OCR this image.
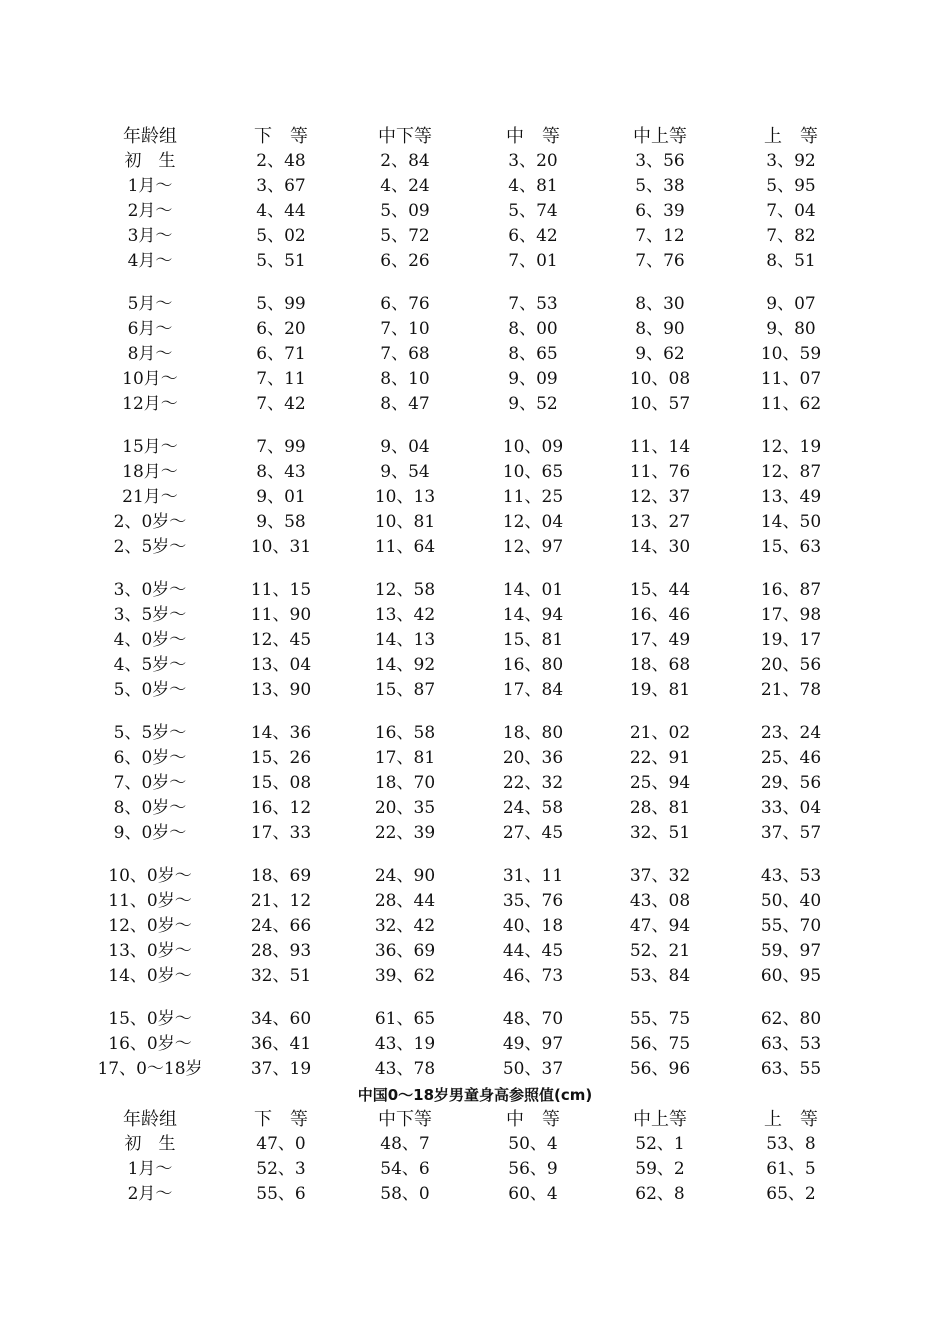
年龄组	下　等	中下等	中　等	中上等	上　等
初　生	2、48	2、84	3、20	3、56	3、92
1月～	3、67	4、24	4、81	5、38	5、95
2月～	4、44	5、09	5、74	6、39	7、04
3月～	5、02	5、72	6、42	7、12	7、82
4月～	5、51	6、26	7、01	7、76	8、51
5月～	5、99	6、76	7、53	8、30	9、07
6月～	6、20	7、10	8、00	8、90	9、80
8月～	6、71	7、68	8、65	9、62	10、59
10月～	7、11	8、10	9、09	10、08	11、07
12月～	7、42	8、47	9、52	10、57	11、62
15月～	7、99	9、04	10、09	11、14	12、19
18月～	8、43	9、54	10、65	11、76	12、87
21月～	9、01	10、13	11、25	12、37	13、49
2、0岁～	9、58	10、81	12、04	13、27	14、50
2、5岁～	10、31	11、64	12、97	14、30	15、63
3、0岁～	11、15	12、58	14、01	15、44	16、87
3、5岁～	11、90	13、42	14、94	16、46	17、98
4、0岁～	12、45	14、13	15、81	17、49	19、17
4、5岁～	13、04	14、92	16、80	18、68	20、56
5、0岁～	13、90	15、87	17、84	19、81	21、78
5、5岁～	14、36	16、58	18、80	21、02	23、24
6、0岁～	15、26	17、81	20、36	22、91	25、46
7、0岁～	15、08	18、70	22、32	25、94	29、56
8、0岁～	16、12	20、35	24、58	28、81	33、04
9、0岁～	17、33	22、39	27、45	32、51	37、57
10、0岁～	18、69	24、90	31、11	37、32	43、53
11、0岁～	21、12	28、44	35、76	43、08	50、40
12、0岁～	24、66	32、42	40、18	47、94	55、70
13、0岁～	28、93	36、69	44、45	52、21	59、97
14、0岁～	32、51	39、62	46、73	53、84	60、95
15、0岁～	34、60	61、65	48、70	55、75	62、80
16、0岁～	36、41	43、19	49、97	56、75	63、53
17、0～18岁	37、19	43、78	50、37	56、96	63、55
中国0～18岁男童身高参照值(cm)
年龄组	下　等	中下等	中　等	中上等	上　等
初　生	47、0	48、7	50、4	52、1	53、8
1月～	52、3	54、6	56、9	59、2	61、5
2月～	55、6	58、0	60、4	62、8	65、2
